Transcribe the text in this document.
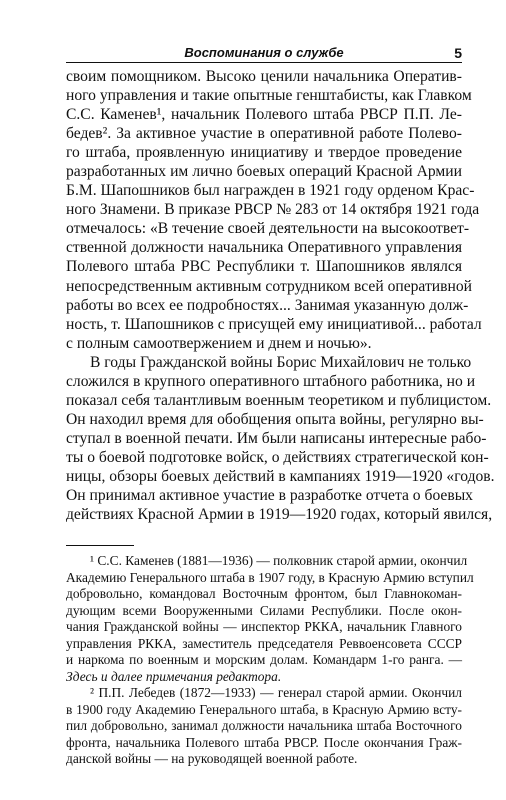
Воспоминания о службе	5
своим помощником. Высоко ценили начальника Оператив-
ного управления и такие опытные генштабисты, как Главком
С.С. Каменев¹, начальник Полевого штаба РВСР П.П. Ле-
бедев². За активное участие в оперативной работе Полево-
го штаба, проявленную инициативу и твердое проведение
разработанных им лично боевых операций Красной Армии
Б.М. Шапошников был награжден в 1921 году орденом Крас-
ного Знамени. В приказе РВСР № 283 от 14 октября 1921 года
отмечалось: «В течение своей деятельности на высокоответ-
ственной должности начальника Оперативного управления
Полевого штаба РВС Республики т. Шапошников являлся
непосредственным активным сотрудником всей оперативной
работы во всех ее подробностях... Занимая указанную долж-
ность, т. Шапошников с присущей ему инициативой... работал
с полным самоотвержением и днем и ночью».
В годы Гражданской войны Борис Михайлович не только
сложился в крупного оперативного штабного работника, но и
показал себя талантливым военным теоретиком и публицистом.
Он находил время для обобщения опыта войны, регулярно вы-
ступал в военной печати. Им были написаны интересные рабо-
ты о боевой подготовке войск, о действиях стратегической кон-
ницы, обзоры боевых действий в кампаниях 1919—1920 «годов.
Он принимал активное участие в разработке отчета о боевых
действиях Красной Армии в 1919—1920 годах, который явился,
¹ С.С. Каменев (1881—1936) — полковник старой армии, окончил
Академию Генерального штаба в 1907 году, в Красную Армию вступил
добровольно, командовал Восточным фронтом, был Главнокоман-
дующим всеми Вооруженными Силами Республики. После окон-
чания Гражданской войны — инспектор РККА, начальник Главного
управления РККА, заместитель председателя Реввоенсовета СССР
и наркома по военным и морским долам. Командарм 1-го ранга. —
Здесь и далее примечания редактора.
² П.П. Лебедев (1872—1933) — генерал старой армии. Окончил
в 1900 году Академию Генерального штаба, в Красную Армию всту-
пил добровольно, занимал должности начальника штаба Восточного
фронта, начальника Полевого штаба РВСР. После окончания Граж-
данской войны — на руководящей военной работе.
